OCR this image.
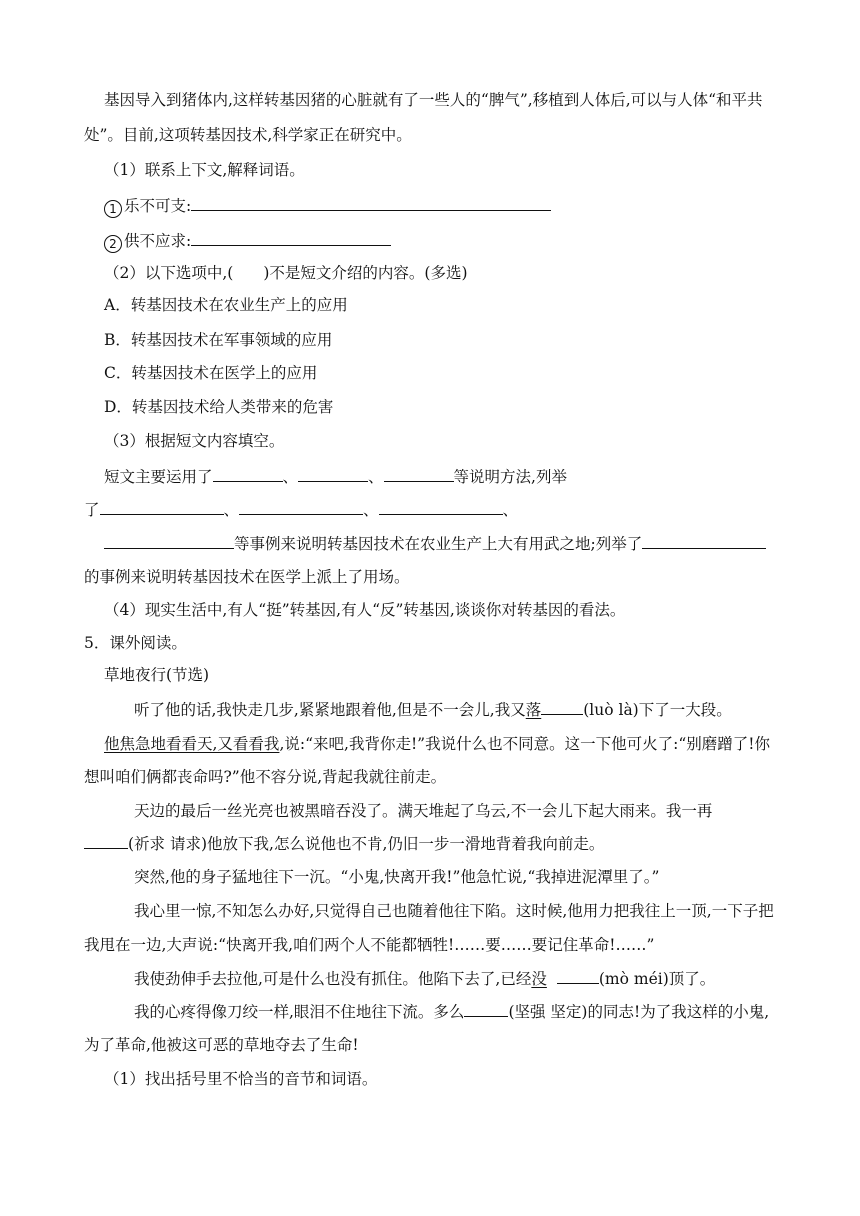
基因导入到猪体内,这样转基因猪的心脏就有了一些人的“脾气”,移植到人体后,可以与人体“和平共
处”。目前,这项转基因技术,科学家正在研究中。
（1）联系上下文,解释词语。
1 乐不可支:
2 供不应求:
（2）以下选项中,( )不是短文介绍的内容。(多选)
A．转基因技术在农业生产上的应用
B．转基因技术在军事领域的应用
C．转基因技术在医学上的应用
D．转基因技术给人类带来的危害
（3）根据短文内容填空。
短文主要运用了	、	、	等说明方法,列举
了	、	、	、
等事例来说明转基因技术在农业生产上大有用武之地;列举了
的事例来说明转基因技术在医学上派上了用场。
（4）现实生活中,有人“挺”转基因,有人“反”转基因,谈谈你对转基因的看法。
5．课外阅读。
草地夜行(节选)
听了他的话,我快走几步,紧紧地跟着他,但是不一会儿,我又落	(luò là)下了一大段。
他焦急地看看天,又看看我,说:“来吧,我背你走!”我说什么也不同意。这一下他可火了:“别磨蹭了!你
想叫咱们俩都丧命吗?”他不容分说,背起我就往前走。
天边的最后一丝光亮也被黑暗吞没了。满天堆起了乌云,不一会儿下起大雨来。我一再
(祈求 请求)他放下我,怎么说他也不肯,仍旧一步一滑地背着我向前走。
突然,他的身子猛地往下一沉。“小鬼,快离开我!”他急忙说,“我掉进泥潭里了。”
我心里一惊,不知怎么办好,只觉得自己也随着他往下陷。这时候,他用力把我往上一顶,一下子把
我甩在一边,大声说:“快离开我,咱们两个人不能都牺牲!……要……要记住革命!……”
我使劲伸手去拉他,可是什么也没有抓住。他陷下去了,已经没	(mò méi)顶了。
我的心疼得像刀绞一样,眼泪不住地往下流。多么	(坚强 坚定)的同志!为了我这样的小鬼,
为了革命,他被这可恶的草地夺去了生命!
（1）找出括号里不恰当的音节和词语。
